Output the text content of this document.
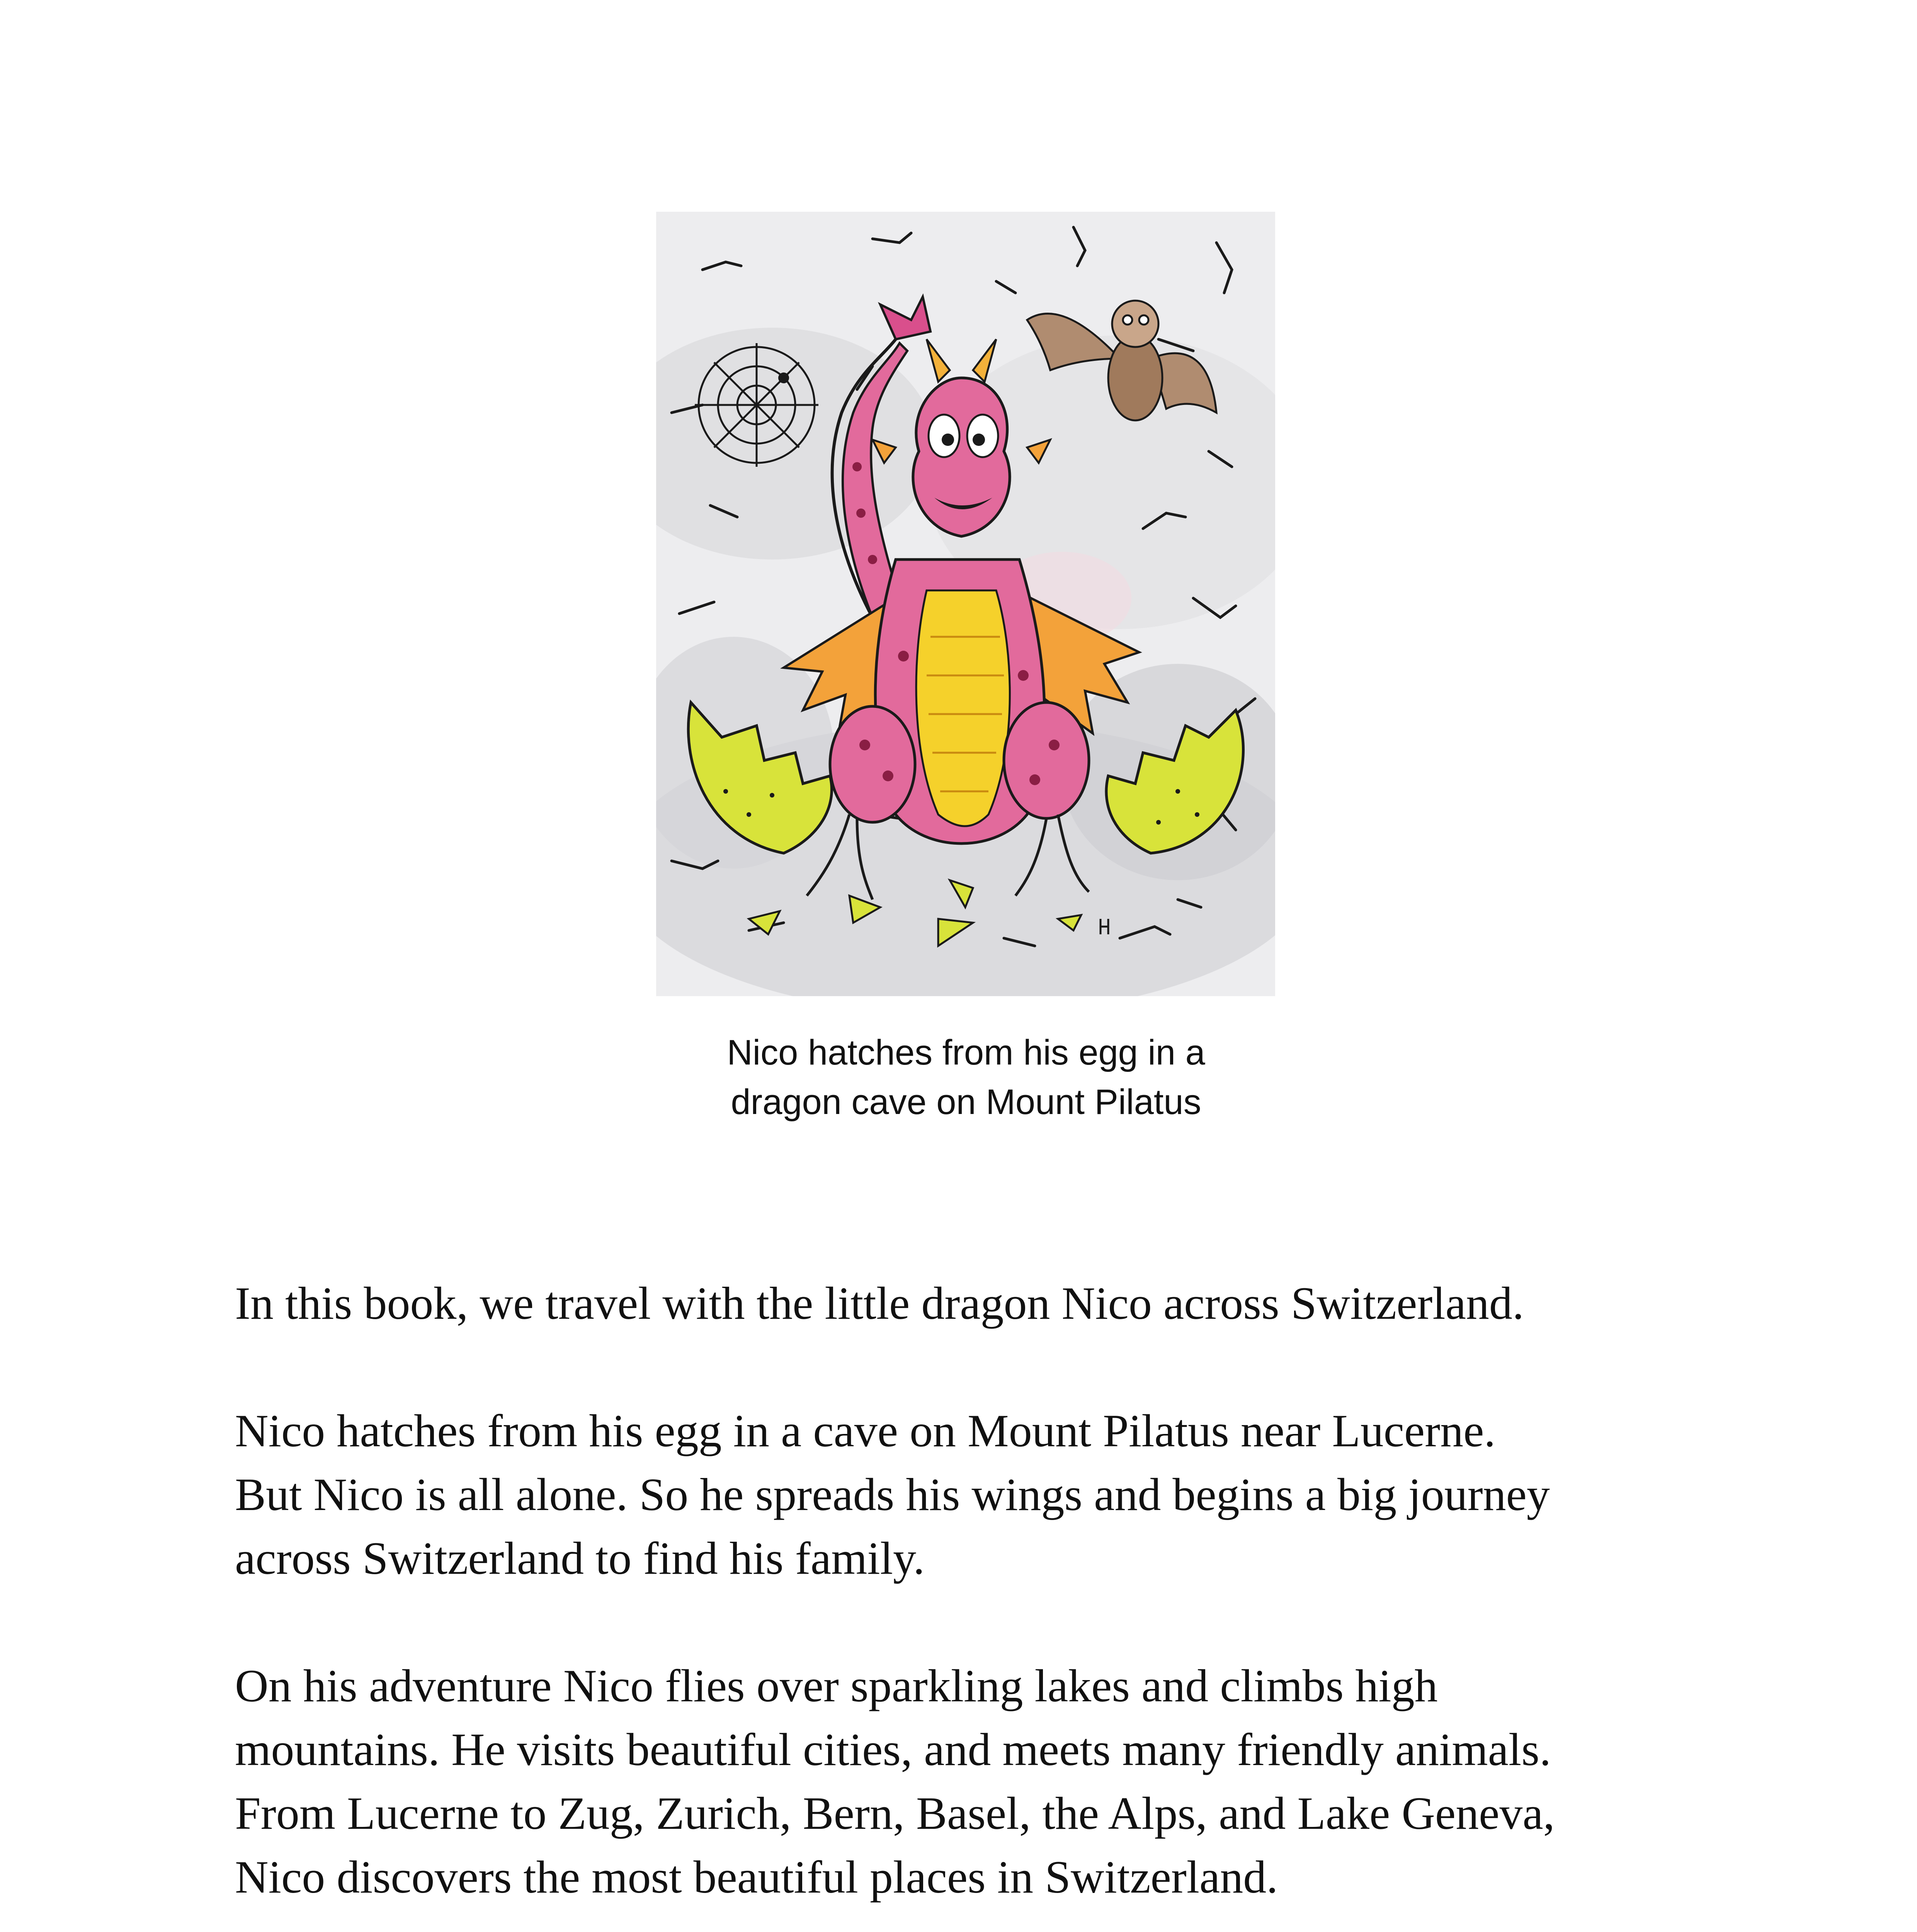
Nico hatches from his egg in a
dragon cave on Mount Pilatus

In this book, we travel with the little dragon Nico across Switzerland.

Nico hatches from his egg in a cave on Mount Pilatus near Lucerne.
But Nico is all alone. So he spreads his wings and begins a big journey
across Switzerland to find his family.

On his adventure Nico flies over sparkling lakes and climbs high
mountains. He visits beautiful cities, and meets many friendly animals.
From Lucerne to Zug, Zurich, Bern, Basel, the Alps, and Lake Geneva,
Nico discovers the most beautiful places in Switzerland.
